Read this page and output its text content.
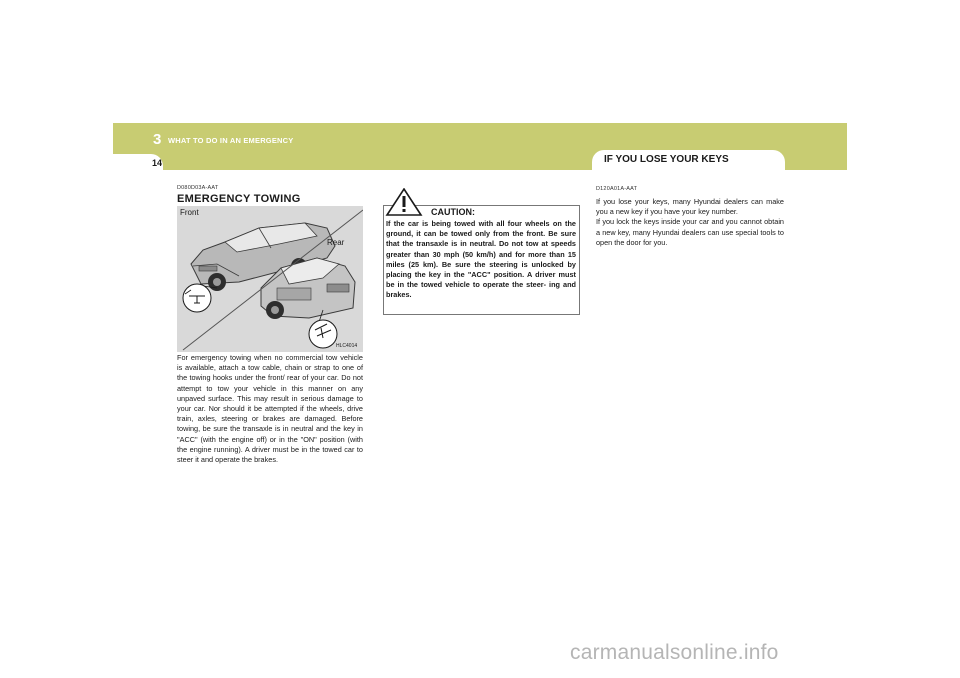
3 WHAT TO DO IN AN EMERGENCY
14	IF YOU LOSE YOUR KEYS
D080D03A-AAT
EMERGENCY TOWING
Front
Rear
HLC4014
For emergency towing when no commercial tow vehicle is available, attach a tow cable, chain or strap to one of the towing hooks under the front/ rear of your car. Do not attempt to tow your vehicle in this manner on any unpaved surface. This may result in serious damage to your car. Nor should it be attempted if the wheels, drive train, axles, steering or brakes are damaged. Before towing, be sure the transaxle is in neutral and the key in "ACC" (with the engine off) or in the "ON" position (with the engine running). A driver must be in the towed car to steer it and operate the brakes.
CAUTION:
If the car is being towed with all four wheels on the ground, it can be towed only from the front. Be sure that the transaxle is in neutral. Do not tow at speeds greater than 30 mph (50 km/h) and for more than 15 miles (25 km). Be sure the steering is unlocked by placing the key in the "ACC" position. A driver must be in the towed vehicle to operate the steer- ing and brakes.
D120A01A-AAT

If you lose your keys, many Hyundai dealers can make you a new key if you have your key number.

If you lock the keys inside your car and you cannot obtain a new key, many Hyundai dealers can use special tools to open the door for you.

carmanualsonline.info
